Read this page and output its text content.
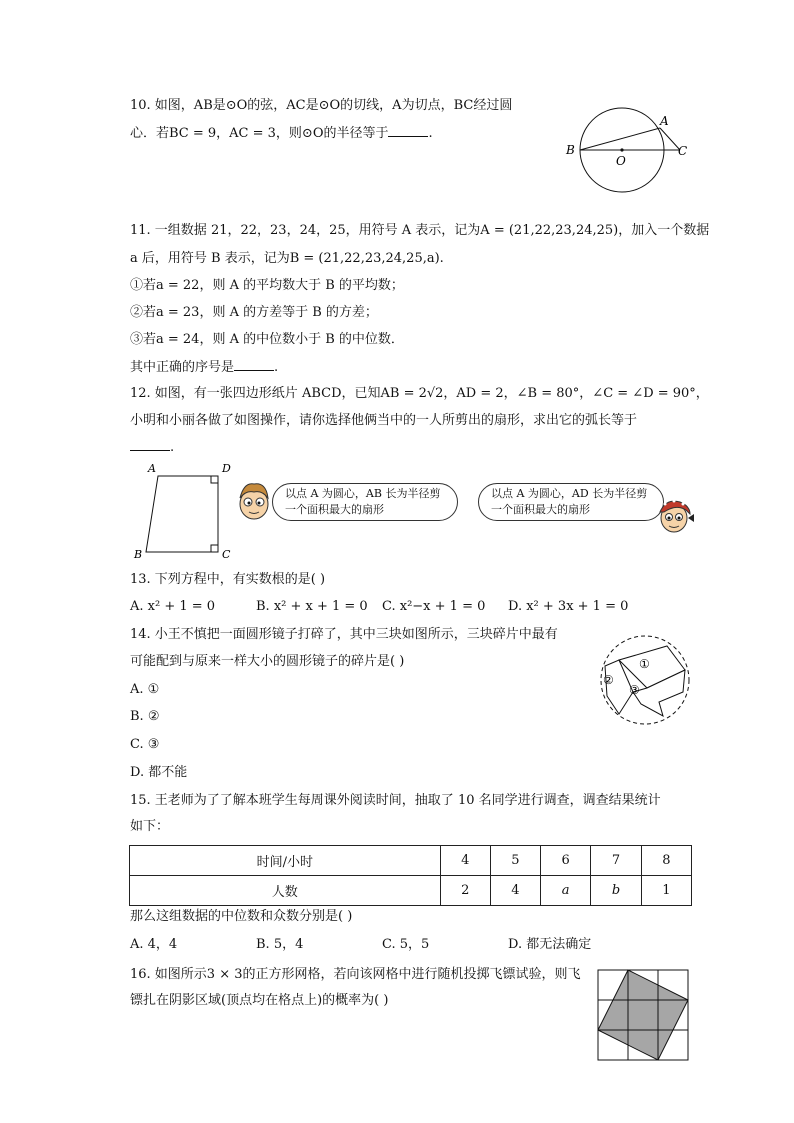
10. 如图，AB是⊙O的弦，AC是⊙O的切线，A为切点，BC经过圆
心．若BC = 9，AC = 3，则⊙O的半径等于	.
B
O
A
C
11. 一组数据 21，22，23，24，25，用符号 A 表示，记为A = (21,22,23,24,25)，加入一个数据
a 后，用符号 B 表示，记为B = (21,22,23,24,25,a).
①若a = 22，则 A 的平均数大于 B 的平均数；
②若a = 23，则 A 的方差等于 B 的方差；
③若a = 24，则 A 的中位数小于 B 的中位数．
其中正确的序号是	.
12. 如图，有一张四边形纸片 ABCD，已知AB = 2√2，AD = 2，∠B = 80°，∠C = ∠D = 90°，
小明和小丽各做了如图操作，请你选择他俩当中的一人所剪出的扇形，求出它的弧长等于
.
A	D
B	C
以点 A 为圆心，AB 长为半径剪一个面积最大的扇形
以点 A 为圆心，AD 长为半径剪一个面积最大的扇形
13. 下列方程中，有实数根的是( )
A. x² + 1 = 0	B. x² + x + 1 = 0 C. x²−x + 1 = 0 D. x² + 3x + 1 = 0
14. 小王不慎把一面圆形镜子打碎了，其中三块如图所示，三块碎片中最有
可能配到与原来一样大小的圆形镜子的碎片是( )
A. ①
B. ②
C. ③
D. 都不能
①
②
③
15. 王老师为了了解本班学生每周课外阅读时间，抽取了 10 名同学进行调查，调查结果统计
如下：
时间/小时	4	5	6	7	8
人数	2	4	a	b	1
那么这组数据的中位数和众数分别是( )
A. 4，4	B. 5，4	C. 5，5	D. 都无法确定
16. 如图所示3 × 3的正方形网格，若向该网格中进行随机投掷飞镖试验，则飞
镖扎在阴影区域(顶点均在格点上)的概率为( )
